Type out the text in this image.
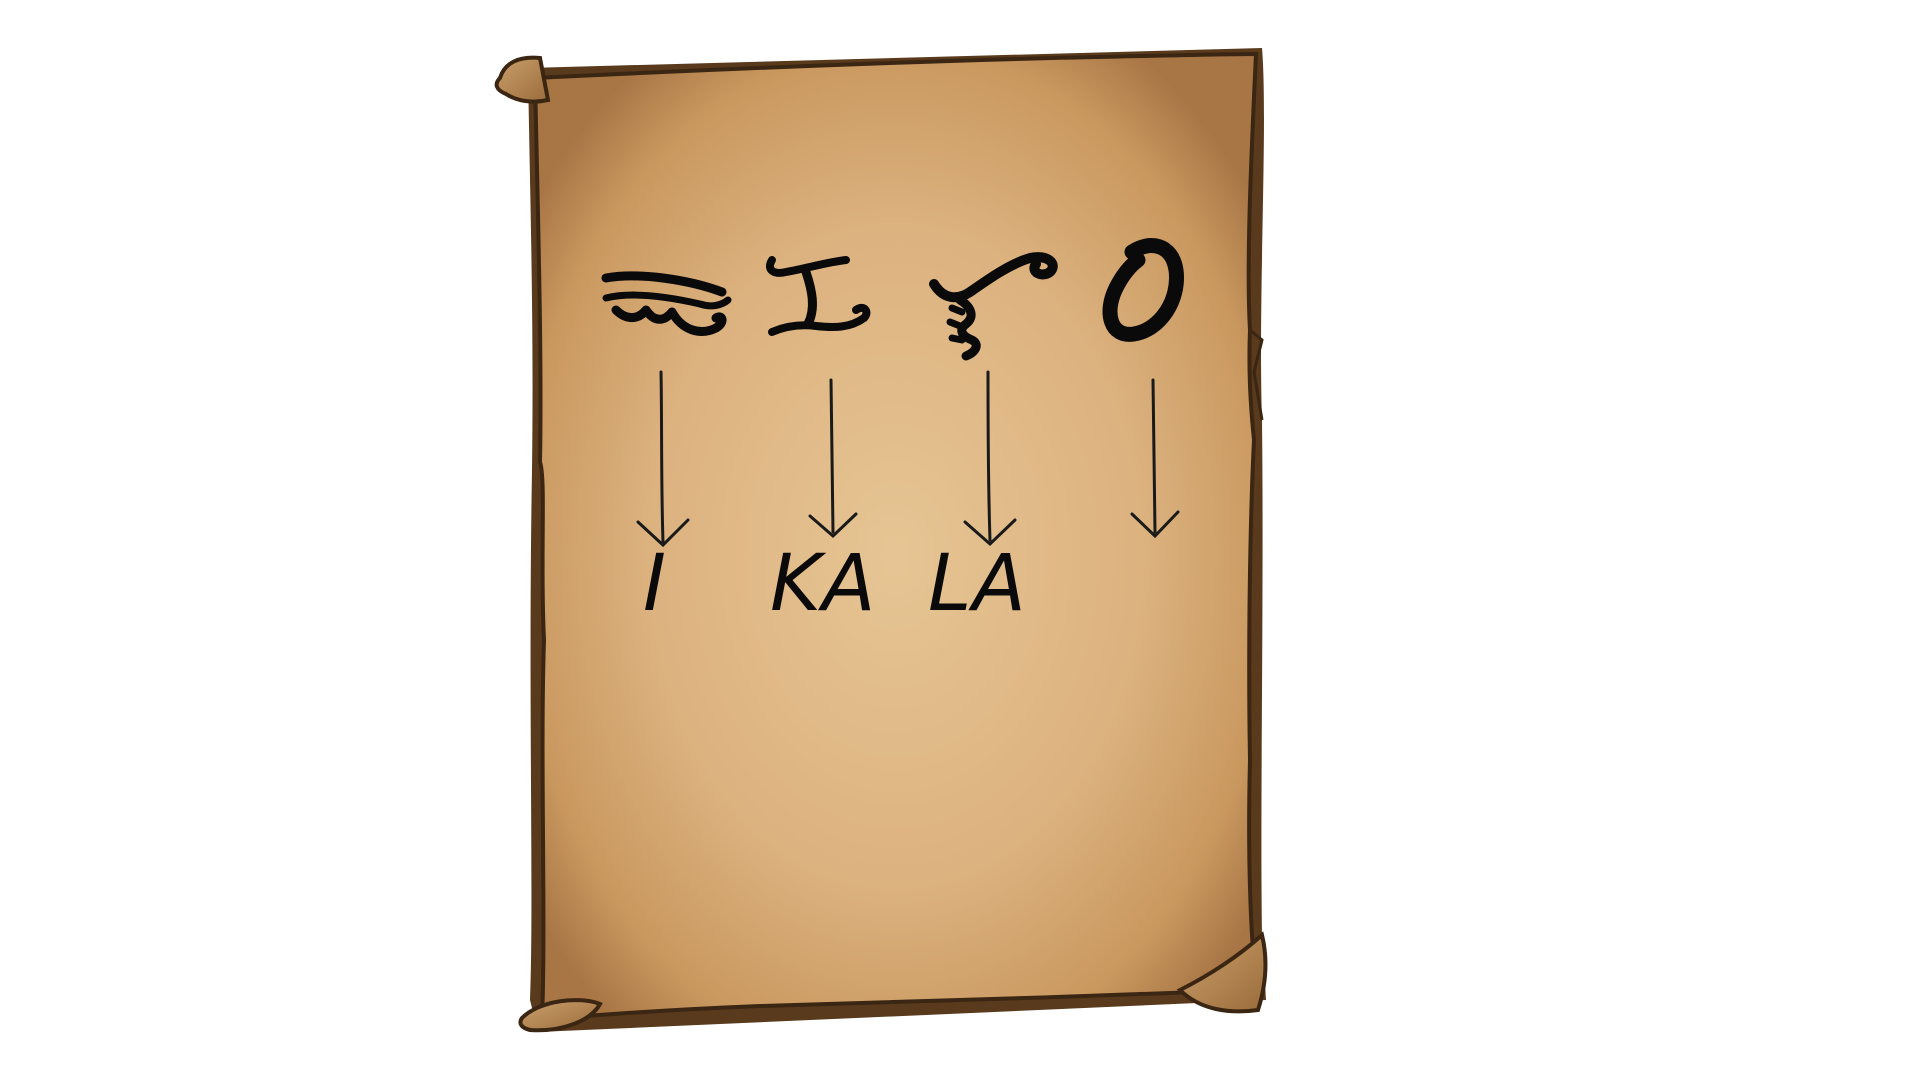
I KA LA
